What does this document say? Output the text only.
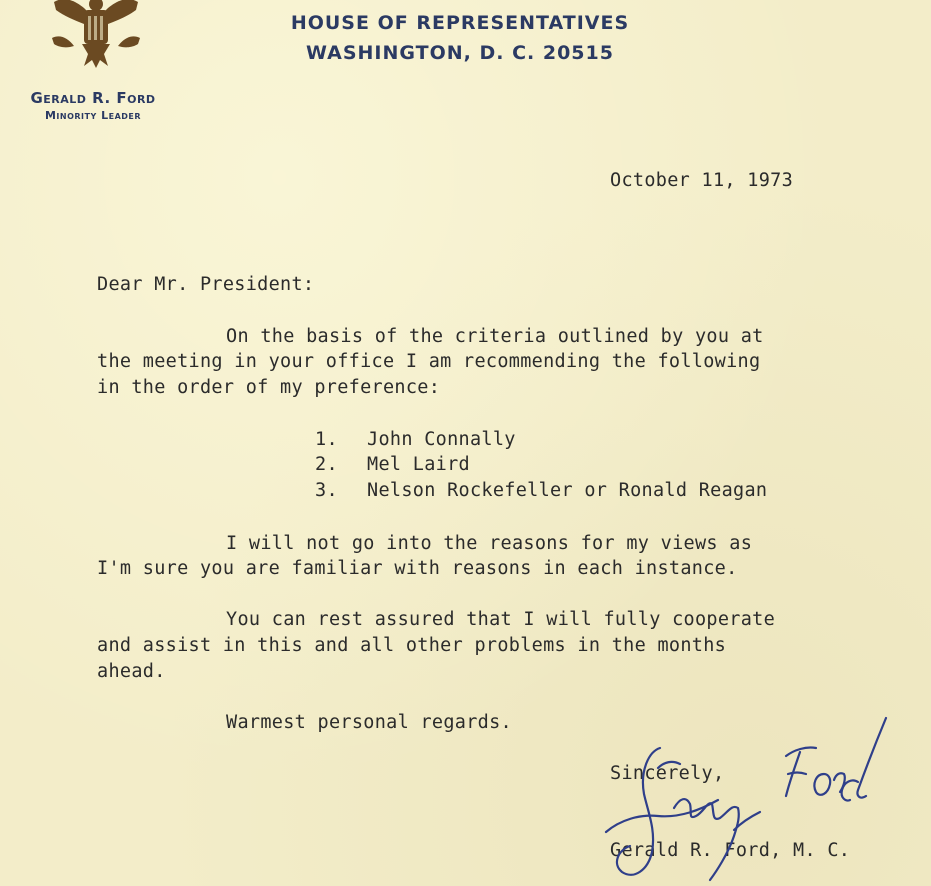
HOUSE OF REPRESENTATIVES
WASHINGTON, D. C. 20515
Gerald R. Ford
Minority Leader
October 11, 1973
Dear Mr. President:
On the basis of the criteria outlined by you at
the meeting in your office I am recommending the following
in the order of my preference:
1. John Connally
2. Mel Laird
3. Nelson Rockefeller or Ronald Reagan
I will not go into the reasons for my views as
I'm sure you are familiar with reasons in each instance.
You can rest assured that I will fully cooperate
and assist in this and all other problems in the months
ahead.
Warmest personal regards.
Sincerely,
Gerald R. Ford, M. C.
